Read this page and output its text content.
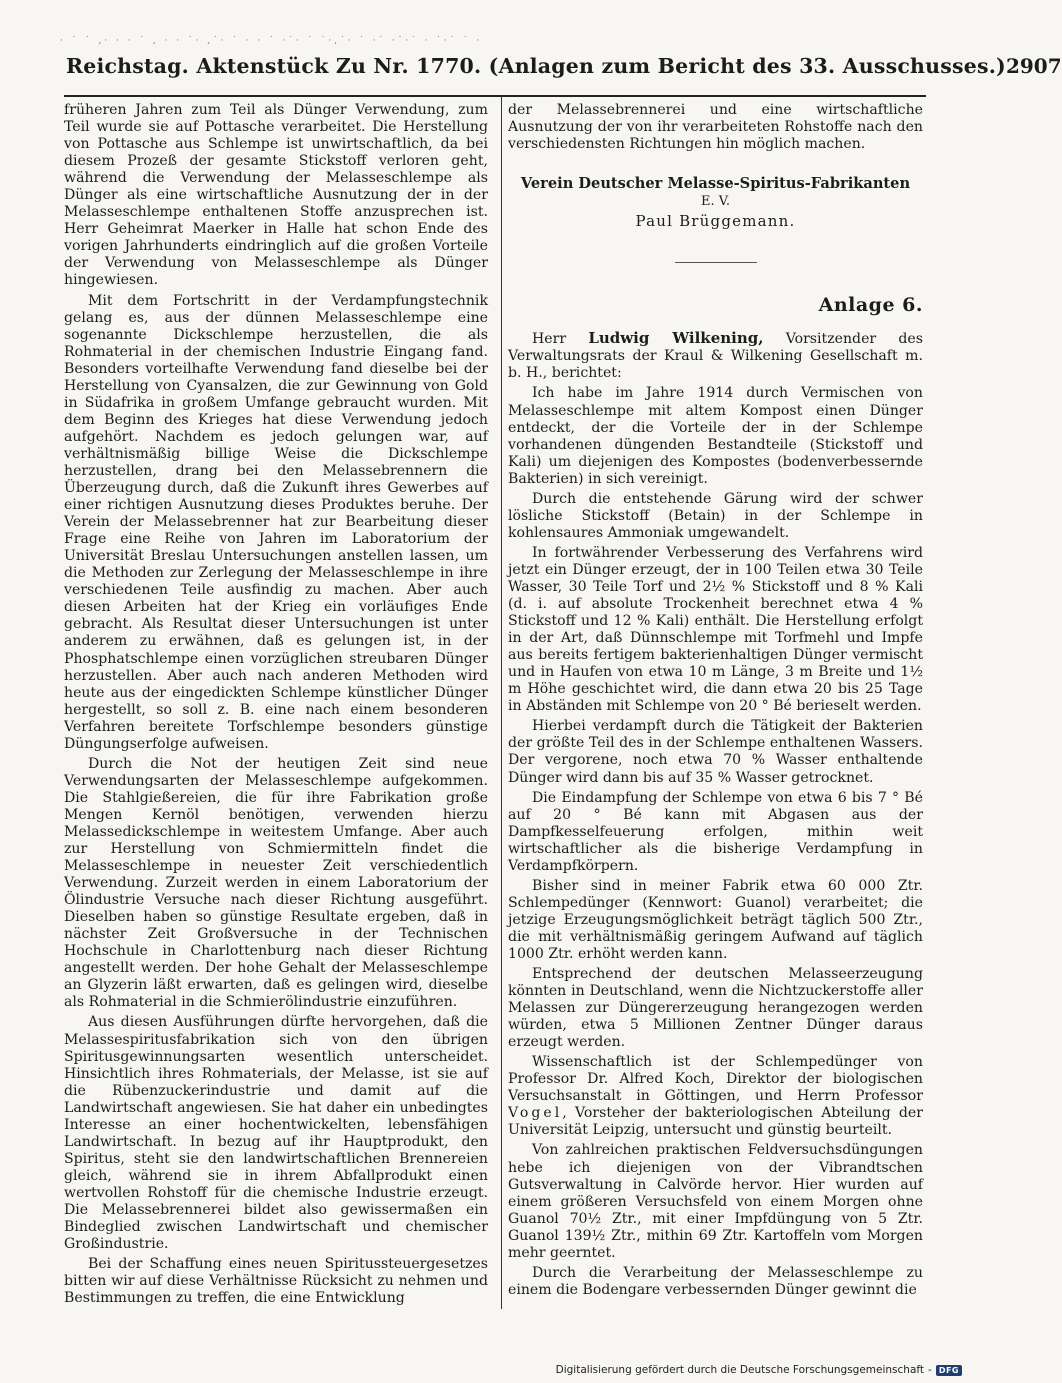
· ˙ ˙ ,· · · ˙ , · · ˙· ,˙· ˙ · · ˙ ·˙· ˙ ˙·,˙· ˙ ·˙ ·˙·˙ · ˙·˙ ˙ ·
Reichstag. Aktenstück Zu Nr. 1770. (Anlagen zum Bericht des 33. Ausschusses.) 2907

früheren Jahren zum Teil als Dünger Verwendung, zum Teil wurde sie auf Pottasche verarbeitet. Die Herstellung von Pottasche aus Schlempe ist unwirtschaftlich, da bei diesem Prozeß der gesamte Stickstoff verloren geht, während die Verwendung der Melasseschlempe als Dünger als eine wirtschaftliche Ausnutzung der in der Melasseschlempe enthaltenen Stoffe anzusprechen ist. Herr Geheimrat Maerker in Halle hat schon Ende des vorigen Jahrhunderts eindringlich auf die großen Vorteile der Verwendung von Melasseschlempe als Dünger hingewiesen.

Mit dem Fortschritt in der Verdampfungstechnik gelang es, aus der dünnen Melasseschlempe eine sogenannte Dickschlempe herzustellen, die als Rohmaterial in der chemischen Industrie Eingang fand. Besonders vorteilhafte Verwendung fand dieselbe bei der Herstellung von Cyansalzen, die zur Gewinnung von Gold in Südafrika in großem Umfange gebraucht wurden. Mit dem Beginn des Krieges hat diese Verwendung jedoch aufgehört. Nachdem es jedoch gelungen war, auf verhältnismäßig billige Weise die Dickschlempe herzustellen, drang bei den Melassebrennern die Überzeugung durch, daß die Zukunft ihres Gewerbes auf einer richtigen Ausnutzung dieses Produktes beruhe. Der Verein der Melassebrenner hat zur Bearbeitung dieser Frage eine Reihe von Jahren im Laboratorium der Universität Breslau Untersuchungen anstellen lassen, um die Methoden zur Zerlegung der Melasseschlempe in ihre verschiedenen Teile ausfindig zu machen. Aber auch diesen Arbeiten hat der Krieg ein vorläufiges Ende gebracht. Als Resultat dieser Untersuchungen ist unter anderem zu erwähnen, daß es gelungen ist, in der Phosphatschlempe einen vorzüglichen streubaren Dünger herzustellen. Aber auch nach anderen Methoden wird heute aus der eingedickten Schlempe künstlicher Dünger hergestellt, so soll z. B. eine nach einem besonderen Verfahren bereitete Torfschlempe besonders günstige Düngungserfolge aufweisen.

Durch die Not der heutigen Zeit sind neue Verwendungsarten der Melasseschlempe aufgekommen. Die Stahlgießereien, die für ihre Fabrikation große Mengen Kernöl benötigen, verwenden hierzu Melassedickschlempe in weitestem Umfange. Aber auch zur Herstellung von Schmiermitteln findet die Melasseschlempe in neuester Zeit verschiedentlich Verwendung. Zurzeit werden in einem Laboratorium der Ölindustrie Versuche nach dieser Richtung ausgeführt. Dieselben haben so günstige Resultate ergeben, daß in nächster Zeit Großversuche in der Technischen Hochschule in Charlottenburg nach dieser Richtung angestellt werden. Der hohe Gehalt der Melasseschlempe an Glyzerin läßt erwarten, daß es gelingen wird, dieselbe als Rohmaterial in die Schmierölindustrie einzuführen.

Aus diesen Ausführungen dürfte hervorgehen, daß die Melassespiritusfabrikation sich von den übrigen Spiritusgewinnungsarten wesentlich unterscheidet. Hinsichtlich ihres Rohmaterials, der Melasse, ist sie auf die Rübenzuckerindustrie und damit auf die Landwirtschaft angewiesen. Sie hat daher ein unbedingtes Interesse an einer hochentwickelten, lebensfähigen Landwirtschaft. In bezug auf ihr Hauptprodukt, den Spiritus, steht sie den landwirtschaftlichen Brennereien gleich, während sie in ihrem Abfallprodukt einen wertvollen Rohstoff für die chemische Industrie erzeugt. Die Melassebrennerei bildet also gewissermaßen ein Bindeglied zwischen Landwirtschaft und chemischer Großindustrie.

Bei der Schaffung eines neuen Spiritussteuergesetzes bitten wir auf diese Verhältnisse Rücksicht zu nehmen und Bestimmungen zu treffen, die eine Entwicklung

der Melassebrennerei und eine wirtschaftliche Ausnutzung der von ihr verarbeiteten Rohstoffe nach den verschiedensten Richtungen hin möglich machen.

Verein Deutscher Melasse-Spiritus-Fabrikanten
E. V.
Paul Brüggemann.
Anlage 6.

Herr Ludwig Wilkening, Vorsitzender des Verwaltungsrats der Kraul & Wilkening Gesellschaft m. b. H., berichtet:

Ich habe im Jahre 1914 durch Vermischen von Melasseschlempe mit altem Kompost einen Dünger entdeckt, der die Vorteile der in der Schlempe vorhandenen düngenden Bestandteile (Stickstoff und Kali) um diejenigen des Kompostes (bodenverbessernde Bakterien) in sich vereinigt.

Durch die entstehende Gärung wird der schwer lösliche Stickstoff (Betain) in der Schlempe in kohlensaures Ammoniak umgewandelt.

In fortwährender Verbesserung des Verfahrens wird jetzt ein Dünger erzeugt, der in 100 Teilen etwa 30 Teile Wasser, 30 Teile Torf und 2½ % Stickstoff und 8 % Kali (d. i. auf absolute Trockenheit berechnet etwa 4 % Stickstoff und 12 % Kali) enthält. Die Herstellung erfolgt in der Art, daß Dünnschlempe mit Torfmehl und Impfe aus bereits fertigem bakterienhaltigen Dünger vermischt und in Haufen von etwa 10 m Länge, 3 m Breite und 1½ m Höhe geschichtet wird, die dann etwa 20 bis 25 Tage in Abständen mit Schlempe von 20 ° Bé berieselt werden.

Hierbei verdampft durch die Tätigkeit der Bakterien der größte Teil des in der Schlempe enthaltenen Wassers. Der vergorene, noch etwa 70 % Wasser enthaltende Dünger wird dann bis auf 35 % Wasser getrocknet.

Die Eindampfung der Schlempe von etwa 6 bis 7 ° Bé auf 20 ° Bé kann mit Abgasen aus der Dampfkesselfeuerung erfolgen, mithin weit wirtschaftlicher als die bisherige Verdampfung in Verdampfkörpern.

Bisher sind in meiner Fabrik etwa 60 000 Ztr. Schlempedünger (Kennwort: Guanol) verarbeitet; die jetzige Erzeugungsmöglichkeit beträgt täglich 500 Ztr., die mit verhältnismäßig geringem Aufwand auf täglich 1000 Ztr. erhöht werden kann.

Entsprechend der deutschen Melasseerzeugung könnten in Deutschland, wenn die Nichtzuckerstoffe aller Melassen zur Düngererzeugung herangezogen werden würden, etwa 5 Millionen Zentner Dünger daraus erzeugt werden.

Wissenschaftlich ist der Schlempedünger von Professor Dr. Alfred Koch, Direktor der biologischen Versuchsanstalt in Göttingen, und Herrn Professor Vogel, Vorsteher der bakteriologischen Abteilung der Universität Leipzig, untersucht und günstig beurteilt.

Von zahlreichen praktischen Feldversuchsdüngungen hebe ich diejenigen von der Vibrandtschen Gutsverwaltung in Calvörde hervor. Hier wurden auf einem größeren Versuchsfeld von einem Morgen ohne Guanol 70½ Ztr., mit einer Impfdüngung von 5 Ztr. Guanol 139½ Ztr., mithin 69 Ztr. Kartoffeln vom Morgen mehr geerntet.

Durch die Verarbeitung der Melasseschlempe zu einem die Bodengare verbessernden Dünger gewinnt die

Digitalisierung gefördert durch die Deutsche Forschungsgemeinschaft - DFG
